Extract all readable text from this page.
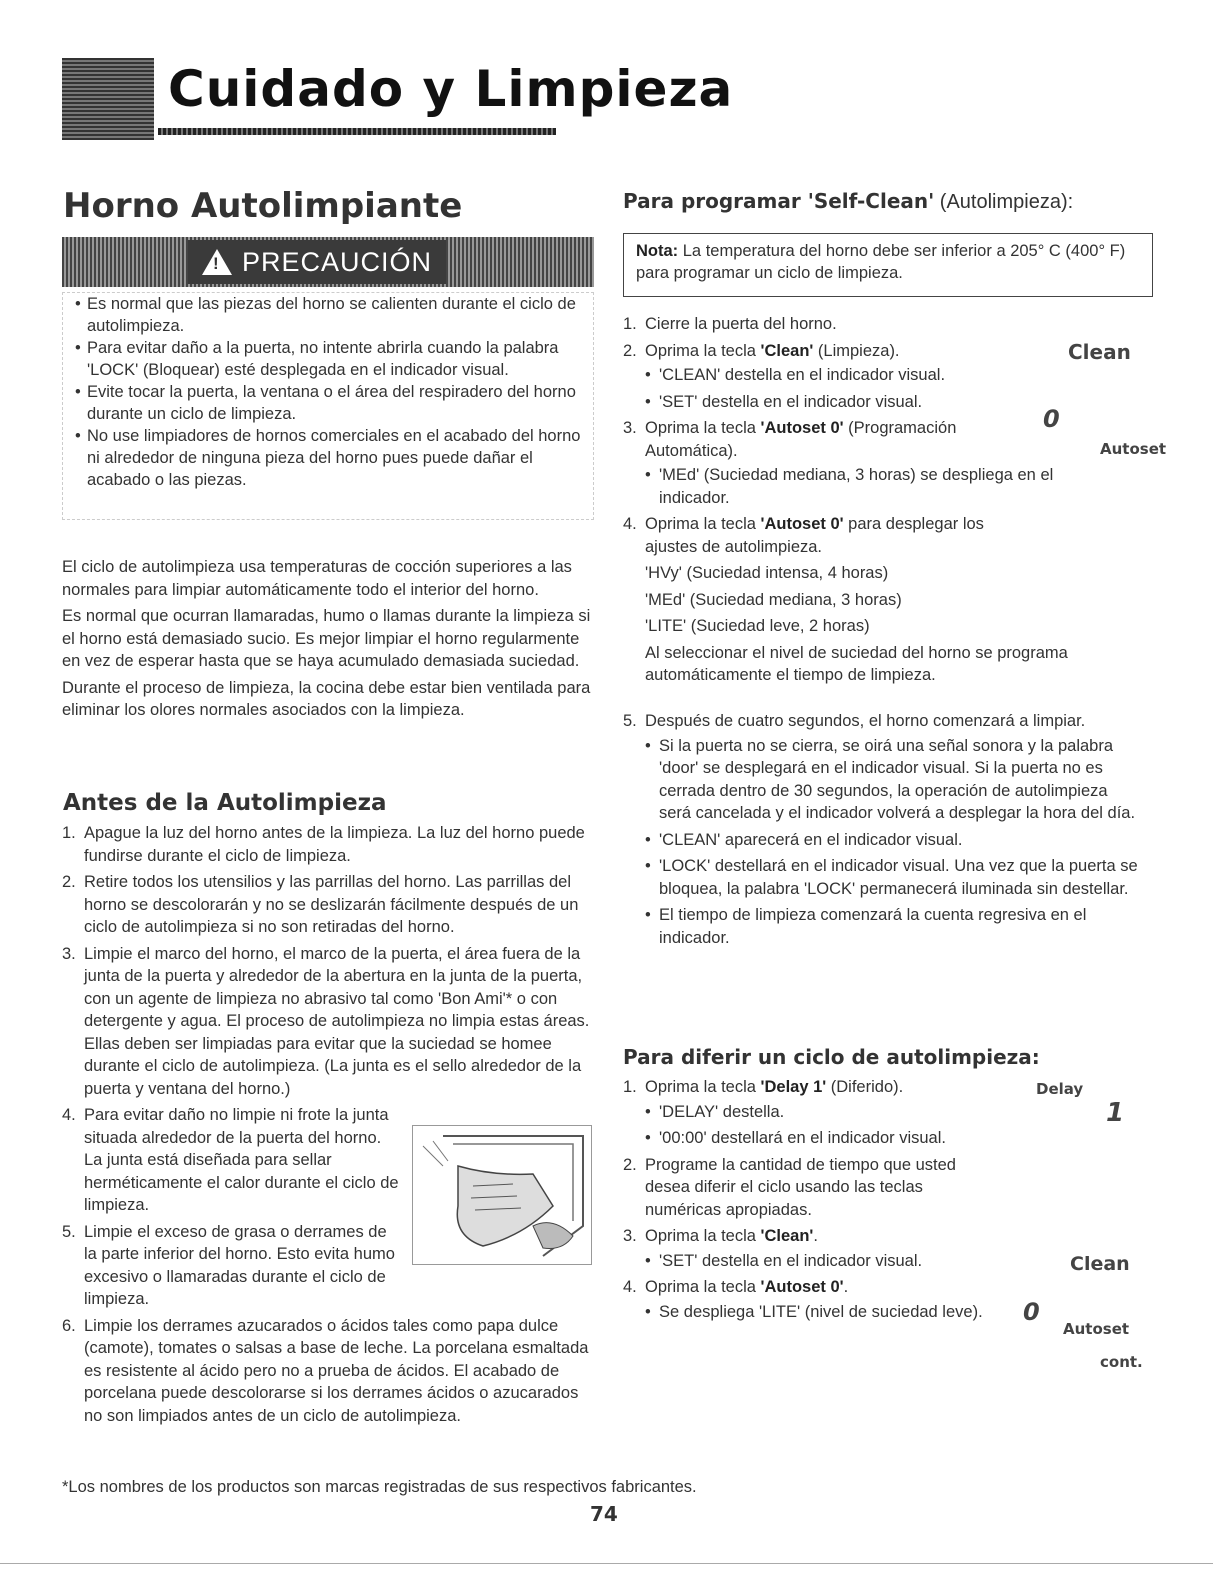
Cuidado y Limpieza
Horno Autolimpiante
! PRECAUCIÓN
• Es normal que las piezas del horno se calienten durante el ciclo de autolimpieza.
• Para evitar daño a la puerta, no intente abrirla cuando la palabra 'LOCK' (Bloquear) esté desplegada en el indicador visual.
• Evite tocar la puerta, la ventana o el área del respiradero del horno durante un ciclo de limpieza.
• No use limpiadores de hornos comerciales en el acabado del horno ni alrededor de ninguna pieza del horno pues puede dañar el acabado o las piezas.

El ciclo de autolimpieza usa temperaturas de cocción superiores a las normales para limpiar automáticamente todo el interior del horno.

Es normal que ocurran llamaradas, humo o llamas durante la limpieza si el horno está demasiado sucio. Es mejor limpiar el horno regularmente en vez de esperar hasta que se haya acumulado demasiada suciedad.

Durante el proceso de limpieza, la cocina debe estar bien ventilada para eliminar los olores normales asociados con la limpieza.

Antes de la Autolimpieza
1. Apague la luz del horno antes de la limpieza. La luz del horno puede fundirse durante el ciclo de limpieza.
2. Retire todos los utensilios y las parrillas del horno. Las parrillas del horno se descolorarán y no se deslizarán fácilmente después de un ciclo de autolimpieza si no son retiradas del horno.
3. Limpie el marco del horno, el marco de la puerta, el área fuera de la junta de la puerta y alrededor de la abertura en la junta de la puerta, con un agente de limpieza no abrasivo tal como 'Bon Ami'* o con detergente y agua. El proceso de autolimpieza no limpia estas áreas. Ellas deben ser limpiadas para evitar que la suciedad se homee durante el ciclo de autolimpieza. (La junta es el sello alrededor de la puerta y ventana del horno.)
4. Para evitar daño no limpie ni frote la junta situada alrededor de la puerta del horno. La junta está diseñada para sellar herméticamente el calor durante el ciclo de limpieza.
5. Limpie el exceso de grasa o derrames de la parte inferior del horno. Esto evita humo excesivo o llamaradas durante el ciclo de limpieza.
6. Limpie los derrames azucarados o ácidos tales como papa dulce (camote), tomates o salsas a base de leche. La porcelana esmaltada es resistente al ácido pero no a prueba de ácidos. El acabado de porcelana puede descolorarse si los derrames ácidos o azucarados no son limpiados antes de un ciclo de autolimpieza.
Para programar 'Self-Clean' (Autolimpieza):
Nota: La temperatura del horno debe ser inferior a 205° C (400° F) para programar un ciclo de limpieza.
1. Cierre la puerta del horno.
2. Oprima la tecla 'Clean' (Limpieza).
• 'CLEAN' destella en el indicador visual.
• 'SET' destella en el indicador visual.
3. Oprima la tecla 'Autoset 0' (Programación Automática).
• 'MEd' (Suciedad mediana, 3 horas) se despliega en el indicador.
4. Oprima la tecla 'Autoset 0' para desplegar los ajustes de autolimpieza.
'HVy' (Suciedad intensa, 4 horas)
'MEd' (Suciedad mediana, 3 horas)
'LITE' (Suciedad leve, 2 horas)
Al seleccionar el nivel de suciedad del horno se programa automáticamente el tiempo de limpieza.
5. Después de cuatro segundos, el horno comenzará a limpiar.
• Si la puerta no se cierra, se oirá una señal sonora y la palabra 'door' se desplegará en el indicador visual. Si la puerta no es cerrada dentro de 30 segundos, la operación de autolimpieza será cancelada y el indicador volverá a desplegar la hora del día.
• 'CLEAN' aparecerá en el indicador visual.
• 'LOCK' destellará en el indicador visual. Una vez que la puerta se bloquea, la palabra 'LOCK' permanecerá iluminada sin destellar.
• El tiempo de limpieza comenzará la cuenta regresiva en el indicador.
Para diferir un ciclo de autolimpieza:
1. Oprima la tecla 'Delay 1' (Diferido).
• 'DELAY' destella.
• '00:00' destellará en el indicador visual.
2. Programe la cantidad de tiempo que usted desea diferir el ciclo usando las teclas numéricas apropiadas.
3. Oprima la tecla 'Clean'.
• 'SET' destella en el indicador visual.
4. Oprima la tecla 'Autoset 0'.
• Se despliega 'LITE' (nivel de suciedad leve).
Clean
0
Autoset
Delay
1
Clean
0
Autoset
cont.
*Los nombres de los productos son marcas registradas de sus respectivos fabricantes.
74
